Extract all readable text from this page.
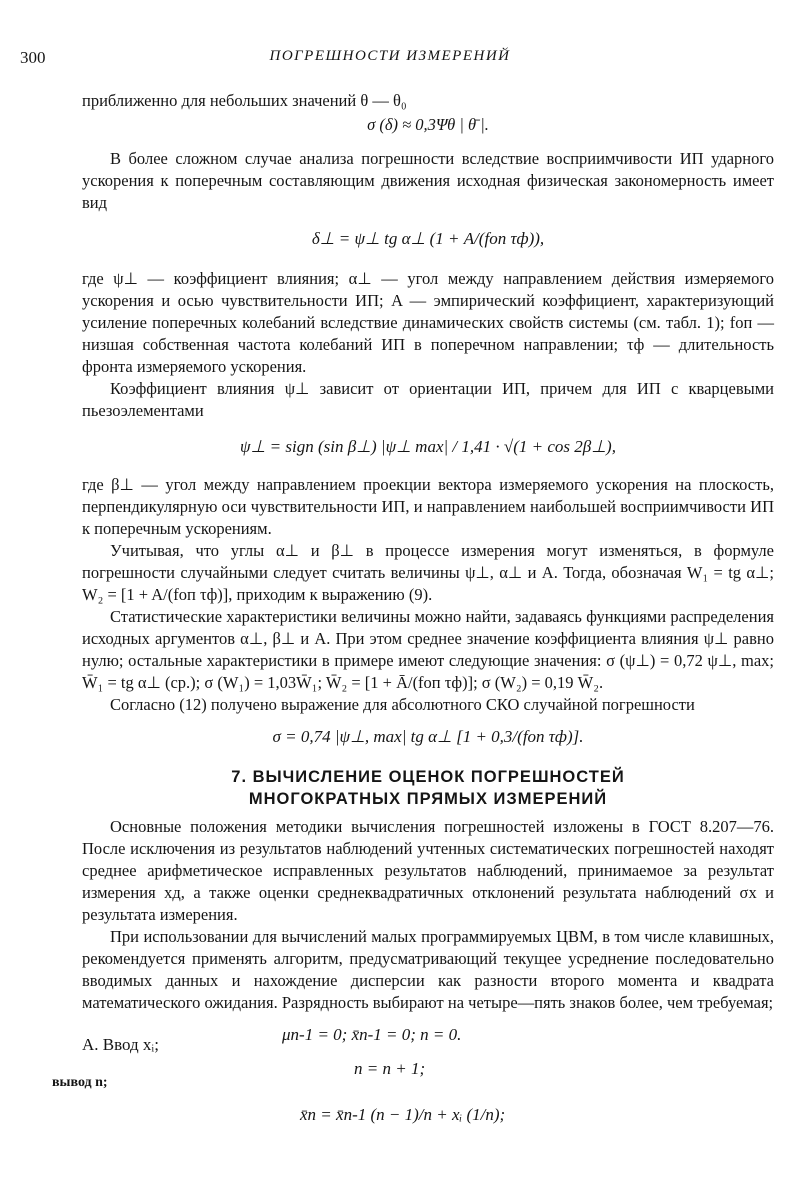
300	ПОГРЕШНОСТИ ИЗМЕРЕНИЙ

приближенно для небольших значений θ — θ₀

σ (δ) ≈ 0,3Ψθ | θ̄ |.

В более сложном случае анализа погрешности вследствие восприимчивости ИП ударного ускорения к поперечным составляющим движения исходная физическая закономерность имеет вид

δ⊥ = ψ⊥ tg α⊥ (1 + A/(fоп τф)),

где ψ⊥ — коэффициент влияния; α⊥ — угол между направлением действия измеряемого ускорения и осью чувствительности ИП; A — эмпирический коэффициент, характеризующий усиление поперечных колебаний вследствие динамических свойств системы (см. табл. 1); fоп — низшая собственная частота колебаний ИП в поперечном направлении; τф — длительность фронта измеряемого ускорения.

Коэффициент влияния ψ⊥ зависит от ориентации ИП, причем для ИП с кварцевыми пьезоэлементами

ψ⊥ = sign (sin β⊥) |ψ⊥ max| / 1,41 · √(1 + cos 2β⊥),

где β⊥ — угол между направлением проекции вектора измеряемого ускорения на плоскость, перпендикулярную оси чувствительности ИП, и направлением наибольшей восприимчивости ИП к поперечным ускорениям.

Учитывая, что углы α⊥ и β⊥ в процессе измерения могут изменяться, в формуле погрешности случайными следует считать величины ψ⊥, α⊥ и A. Тогда, обозначая W₁ = tg α⊥; W₂ = [1 + A/(fоп τф)], приходим к выражению (9).

Статистические характеристики величины можно найти, задаваясь функциями распределения исходных аргументов α⊥, β⊥ и A. При этом среднее значение коэффициента влияния ψ⊥ равно нулю; остальные характеристики в примере имеют следующие значения: σ (ψ⊥) = 0,72 ψ⊥, max; W̄₁ = tg α⊥ (ср.); σ (W₁) = 1,03W̄₁; W̄₂ = [1 + Ā/(fоп τф)]; σ (W₂) = 0,19 W̄₂.

Согласно (12) получено выражение для абсолютного СКО случайной погрешности

σ = 0,74 |ψ⊥, max| tg α⊥ [1 + 0,3/(fоп τф)].
7. ВЫЧИСЛЕНИЕ ОЦЕНОК ПОГРЕШНОСТЕЙ
МНОГОКРАТНЫХ ПРЯМЫХ ИЗМЕРЕНИЙ

Основные положения методики вычисления погрешностей изложены в ГОСТ 8.207—76. После исключения из результатов наблюдений учтенных систематических погрешностей находят среднее арифметическое исправленных результатов наблюдений, принимаемое за результат измерения xд, а также оценки среднеквадратичных отклонений результата наблюдений σx и результата измерения.

При использовании для вычислений малых программируемых ЦВМ, в том числе клавишных, рекомендуется применять алгоритм, предусматривающий текущее усреднение последовательно вводимых данных и нахождение дисперсии как разности второго момента и квадрата математического ожидания. Разрядность выбирают на четыре—пять знаков более, чем требуемая;

А. Ввод xᵢ;
μn-1 = 0; x̄n-1 = 0; n = 0.
n = n + 1;
вывод n;
x̄n = x̄n-1 (n − 1)/n + xᵢ (1/n);
